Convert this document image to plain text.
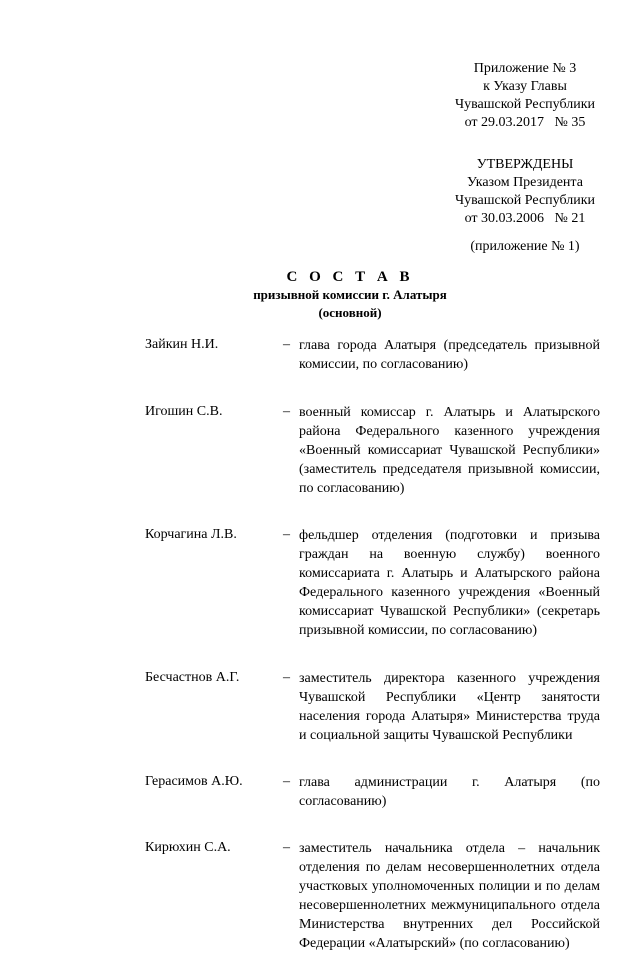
Приложение № 3
к Указу Главы
Чувашской Республики
от 29.03.2017   № 35
УТВЕРЖДЕНЫ
Указом Президента
Чувашской Республики
от 30.03.2006   № 21
(приложение № 1)
С О С Т А В
призывной комиссии г. Алатыря
(основной)
Зайкин Н.И.	– глава города Алатыря (председатель призывной комиссии, по согласованию)
Игошин С.В.	– военный комиссар г. Алатырь и Алатырского района Федерального казенного учреждения «Военный комиссариат Чувашской Республики» (заместитель председателя призывной комиссии, по согласованию)
Корчагина Л.В.	– фельдшер отделения (подготовки и призыва граждан на военную службу) военного комиссариата г. Алатырь и Алатырского района Федерального казенного учреждения «Военный комиссариат Чувашской Республики» (секретарь призывной комиссии, по согласованию)
Бесчастнов А.Г.	– заместитель директора казенного учреждения Чувашской Республики «Центр занятости населения города Алатыря» Министерства труда и социальной защиты Чувашской Республики
Герасимов А.Ю.	– глава администрации г. Алатыря (по согласованию)
Кирюхин С.А.	– заместитель начальника отдела – начальник отделения по делам несовершеннолетних отдела участковых уполномоченных полиции и по делам несовершеннолетних межмуниципального отдела Министерства внутренних дел Российской Федерации «Алатырский» (по согласованию)
